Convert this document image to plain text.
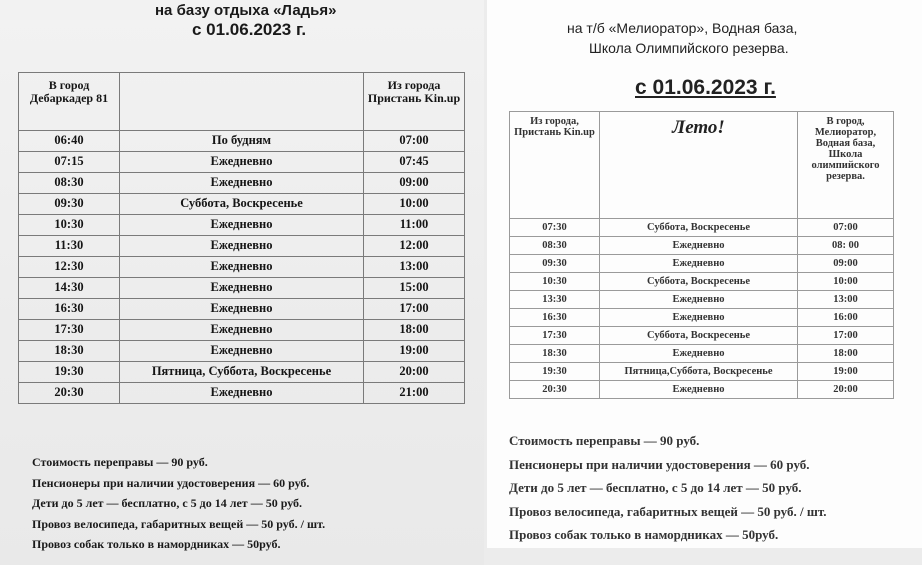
на базу отдыха «Ладья»
с 01.06.2023 г.
В город Дебаркадер 81		Из города Пристань Kin.up
06:40	По будням	07:00
07:15	Ежедневно	07:45
08:30	Ежедневно	09:00
09:30	Суббота, Воскресенье	10:00
10:30	Ежедневно	11:00
11:30	Ежедневно	12:00
12:30	Ежедневно	13:00
14:30	Ежедневно	15:00
16:30	Ежедневно	17:00
17:30	Ежедневно	18:00
18:30	Ежедневно	19:00
19:30	Пятница, Суббота, Воскресенье	20:00
20:30	Ежедневно	21:00
Стоимость переправы — 90 руб.
Пенсионеры при наличии удостоверения — 60 руб.
Дети до 5 лет — бесплатно, с 5 до 14 лет — 50 руб.
Провоз велосипеда, габаритных вещей — 50 руб. / шт.
Провоз собак только в намордниках — 50руб.
на т/б «Мелиоратор», Водная база,
Школа Олимпийского резерва.
с 01.06.2023 г.
Из города, Пристань Kin.up	Лето!	В город, Мелиоратор, Водная база, Школа олимпийского резерва.
07:30	Суббота, Воскресенье	07:00
08:30	Ежедневно	08: 00
09:30	Ежедневно	09:00
10:30	Суббота, Воскресенье	10:00
13:30	Ежедневно	13:00
16:30	Ежедневно	16:00
17:30	Суббота, Воскресенье	17:00
18:30	Ежедневно	18:00
19:30	Пятница,Суббота, Воскресенье	19:00
20:30	Ежедневно	20:00
Стоимость переправы — 90 руб.
Пенсионеры при наличии удостоверения — 60 руб.
Дети до 5 лет — бесплатно, с 5 до 14 лет — 50 руб.
Провоз велосипеда, габаритных вещей — 50 руб. / шт.
Провоз собак только в намордниках — 50руб.
